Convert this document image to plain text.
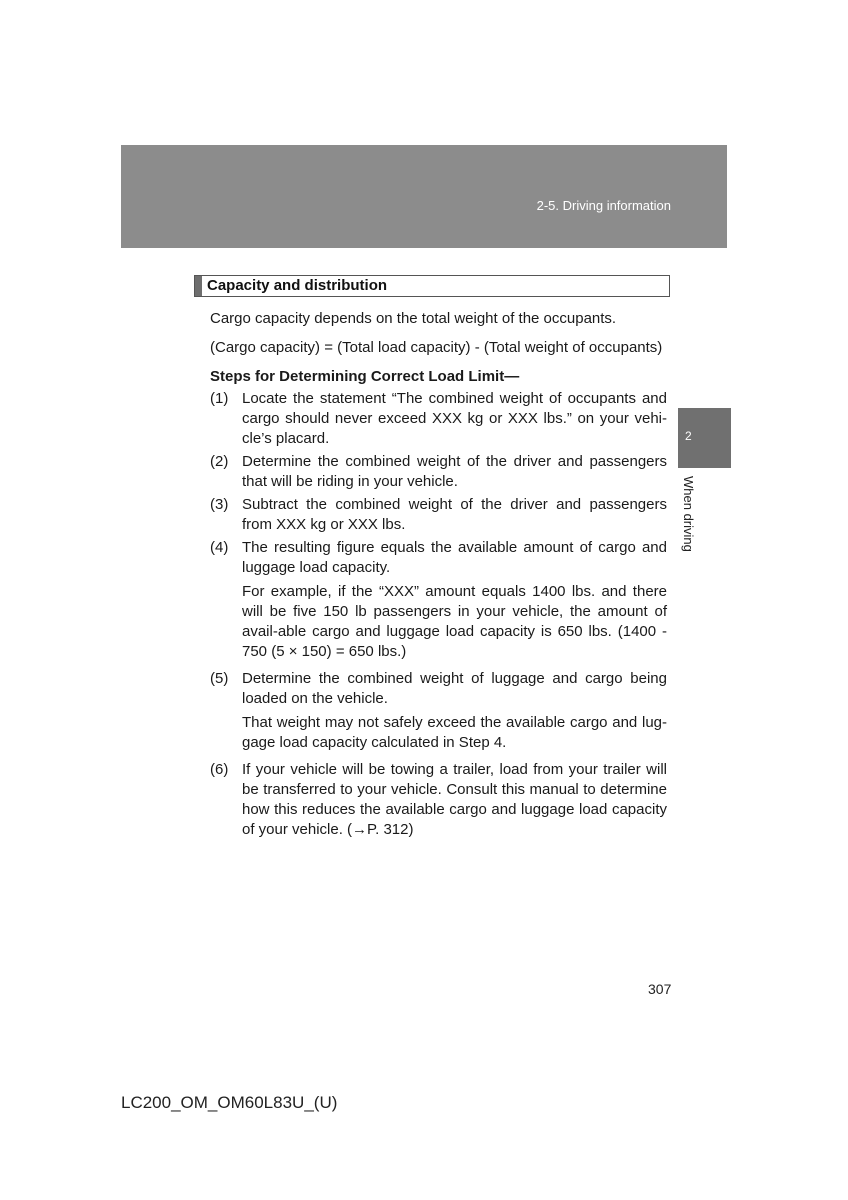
2-5. Driving information
Capacity and distribution

Cargo capacity depends on the total weight of the occupants.

(Cargo capacity) = (Total load capacity) - (Total weight of occupants)

Steps for Determining Correct Load Limit—

(1) Locate the statement “The combined weight of occupants and cargo should never exceed XXX kg or XXX lbs.” on your vehi-cle’s placard.
(2) Determine the combined weight of the driver and passengers that will be riding in your vehicle.
(3) Subtract the combined weight of the driver and passengers from XXX kg or XXX lbs.
(4) The resulting figure equals the available amount of cargo and luggage load capacity.

For example, if the “XXX” amount equals 1400 lbs. and there will be five 150 lb passengers in your vehicle, the amount of avail-able cargo and luggage load capacity is 650 lbs. (1400 - 750 (5 × 150) = 650 lbs.)

(5) Determine the combined weight of luggage and cargo being loaded on the vehicle.

That weight may not safely exceed the available cargo and lug-gage load capacity calculated in Step 4.

(6) If your vehicle will be towing a trailer, load from your trailer will be transferred to your vehicle. Consult this manual to determine how this reduces the available cargo and luggage load capacity of your vehicle. (→P. 312)
2
When driving
307
LC200_OM_OM60L83U_(U)
